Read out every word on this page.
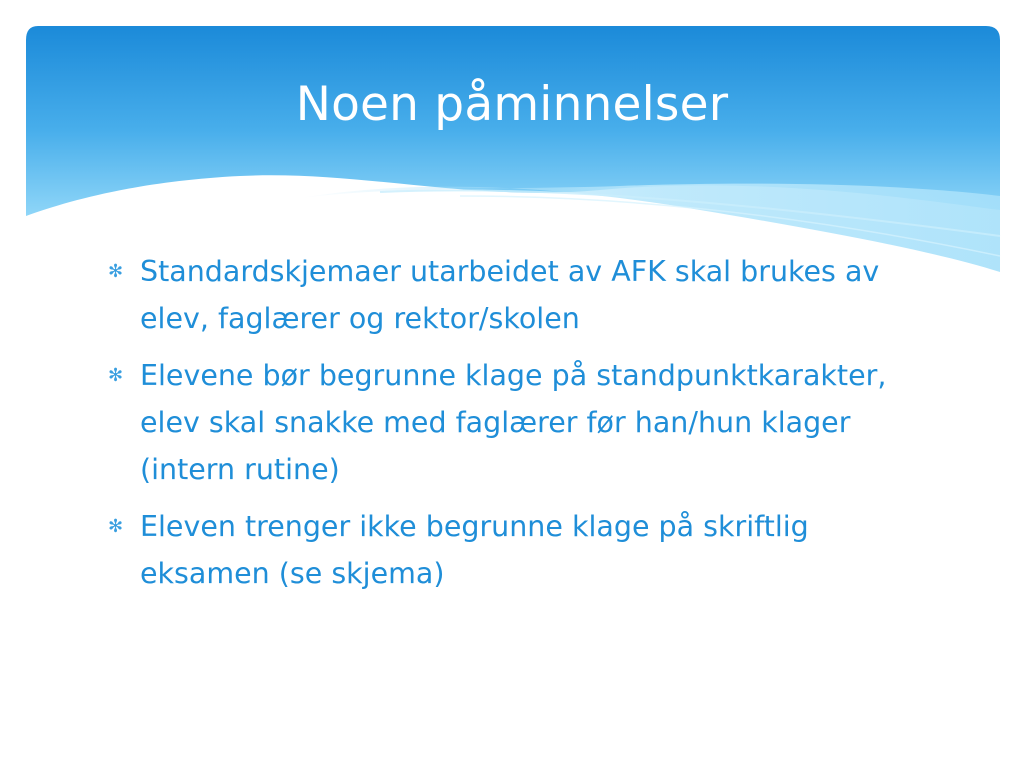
Noen påminnelser
✻ Standardskjemaer utarbeidet av AFK skal brukes av elev, faglærer og rektor/skolen
✻ Elevene bør begrunne klage på standpunktkarakter, elev skal snakke med faglærer før han/hun klager (intern rutine)
✻ Eleven trenger ikke begrunne klage på skriftlig eksamen (se skjema)
